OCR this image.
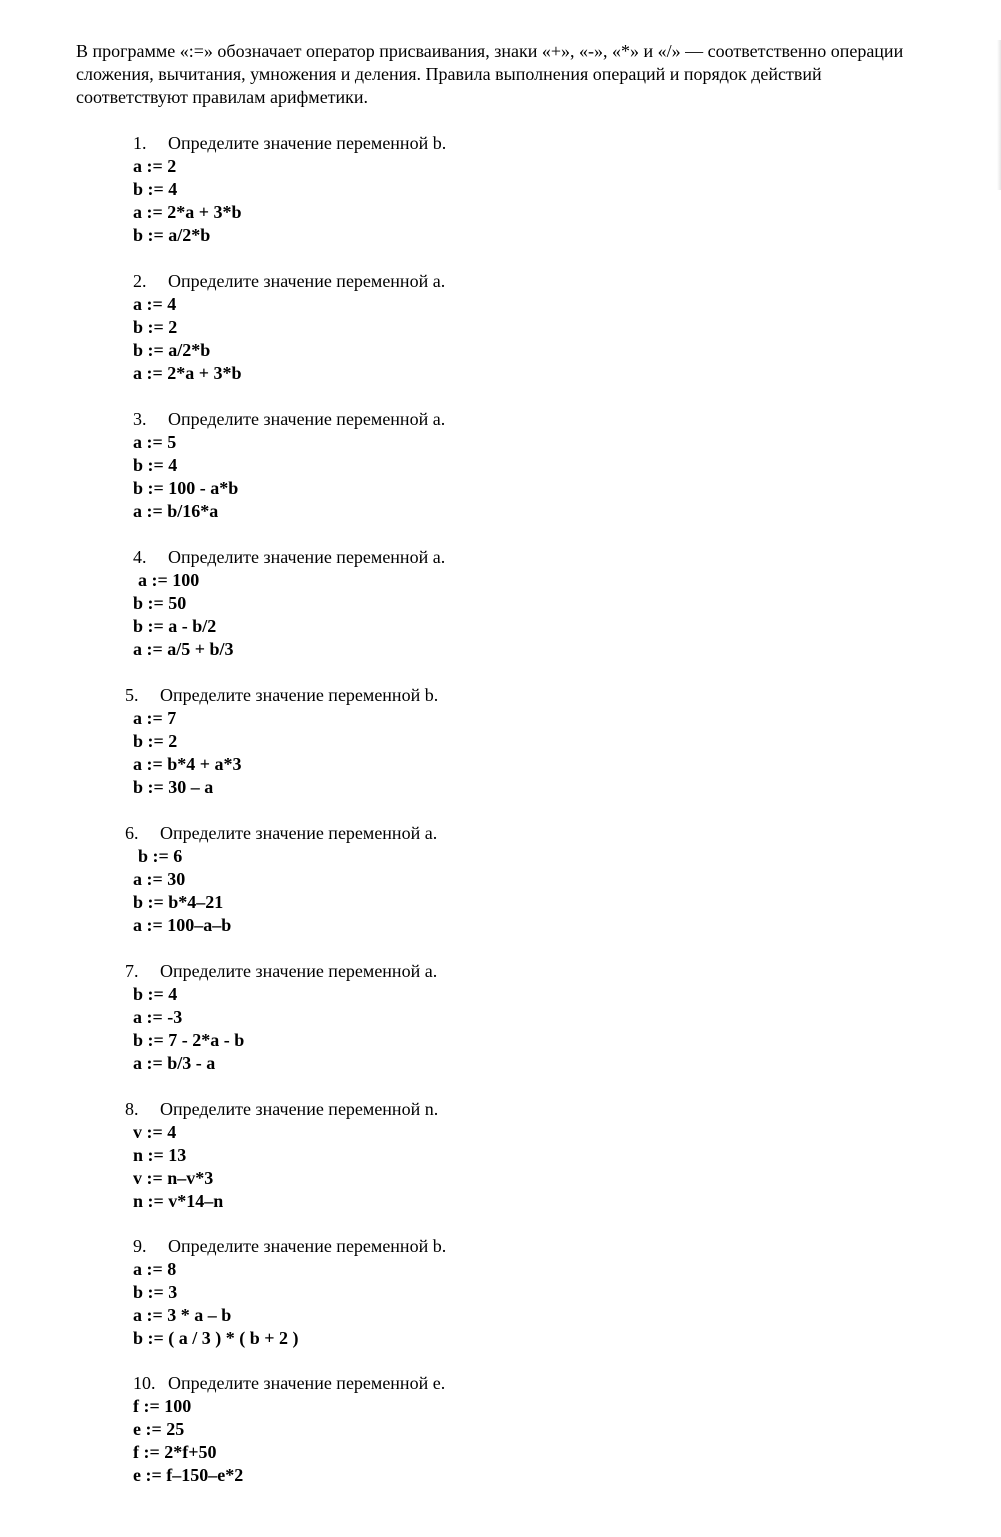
В программе «:=» обозначает оператор присваивания, знаки «+», «-», «*» и «/» — соответственно операции
сложения, вычитания, умножения и деления. Правила выполнения операций и порядок действий
соответствуют правилам арифметики.
1. Определите значение переменной b.
a := 2
b := 4
a := 2*a + 3*b
b := a/2*b
2. Определите значение переменной a.
a := 4
b := 2
b := a/2*b
a := 2*a + 3*b
3. Определите значение переменной a.
a := 5
b := 4
b := 100 - a*b
a := b/16*a
4. Определите значение переменной a.
a := 100
b := 50
b := a - b/2
a := a/5 + b/3
5. Определите значение переменной b.
a := 7
b := 2
a := b*4 + a*3
b := 30 – a
6. Определите значение переменной a.
b := 6
a := 30
b := b*4–21
a := 100–a–b
7. Определите значение переменной a.
b := 4
a := -3
b := 7 - 2*a - b
a := b/3 - a
8. Определите значение переменной n.
v := 4
n := 13
v := n–v*3
n := v*14–n
9. Определите значение переменной b.
a := 8
b := 3
a := 3 * a – b
b := ( a / 3 ) * ( b + 2 )
10. Определите значение переменной e.
f := 100
e := 25
f := 2*f+50
e := f–150–e*2
